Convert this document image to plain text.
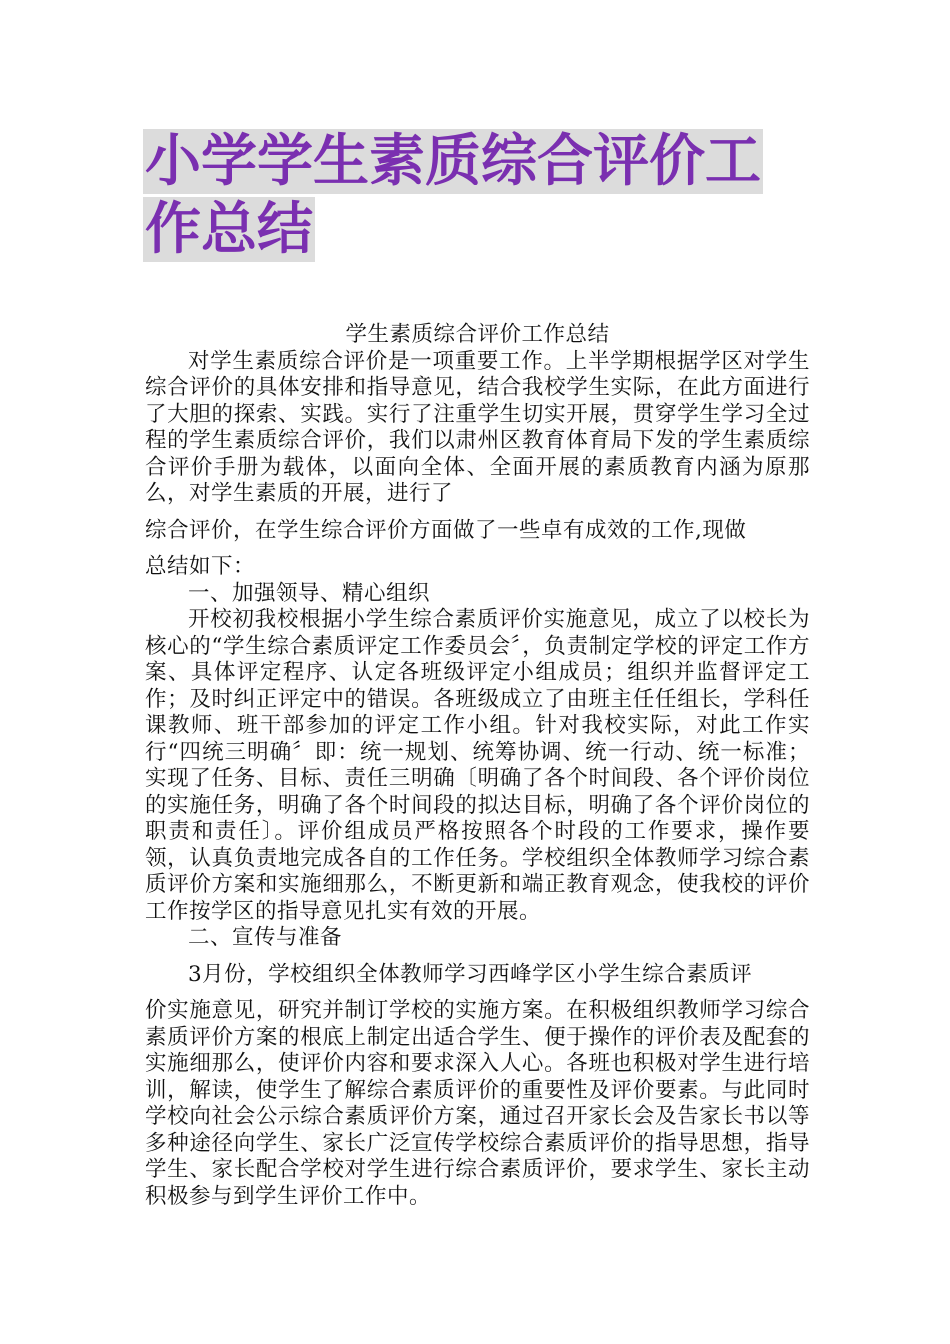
小学学生素质综合评价工作总结

学生素质综合评价工作总结

对学生素质综合评价是一项重要工作。上半学期根据学区对学生综合评价的具体安排和指导意见，结合我校学生实际，在此方面进行了大胆的探索、实践。实行了注重学生切实开展，贯穿学生学习全过程的学生素质综合评价，我们以肃州区教育体育局下发的学生素质综合评价手册为载体，以面向全体、全面开展的素质教育内涵为原那么，对学生素质的开展，进行了

综合评价，在学生综合评价方面做了一些卓有成效的工作,现做

总结如下：

一、加强领导、精心组织

开校初我校根据小学生综合素质评价实施意见，成立了以校长为核心的“学生综合素质评定工作委员会〞，负责制定学校的评定工作方案、具体评定程序、认定各班级评定小组成员；组织并监督评定工作；及时纠正评定中的错误。各班级成立了由班主任任组长，学科任课教师、班干部参加的评定工作小组。针对我校实际，对此工作实行“四统三明确〞即：统一规划、统筹协调、统一行动、统一标准；实现了任务、目标、责任三明确〔明确了各个时间段、各个评价岗位的实施任务，明确了各个时间段的拟达目标，明确了各个评价岗位的职责和责任〕。评价组成员严格按照各个时段的工作要求，操作要领，认真负责地完成各自的工作任务。学校组织全体教师学习综合素质评价方案和实施细那么，不断更新和端正教育观念，使我校的评价工作按学区的指导意见扎实有效的开展。

二、宣传与准备

3月份，学校组织全体教师学习西峰学区小学生综合素质评

价实施意见，研究并制订学校的实施方案。在积极组织教师学习综合素质评价方案的根底上制定出适合学生、便于操作的评价表及配套的实施细那么，使评价内容和要求深入人心。各班也积极对学生进行培训，解读，使学生了解综合素质评价的重要性及评价要素。与此同时学校向社会公示综合素质评价方案，通过召开家长会及告家长书以等多种途径向学生、家长广泛宣传学校综合素质评价的指导思想，指导学生、家长配合学校对学生进行综合素质评价，要求学生、家长主动积极参与到学生评价工作中。
